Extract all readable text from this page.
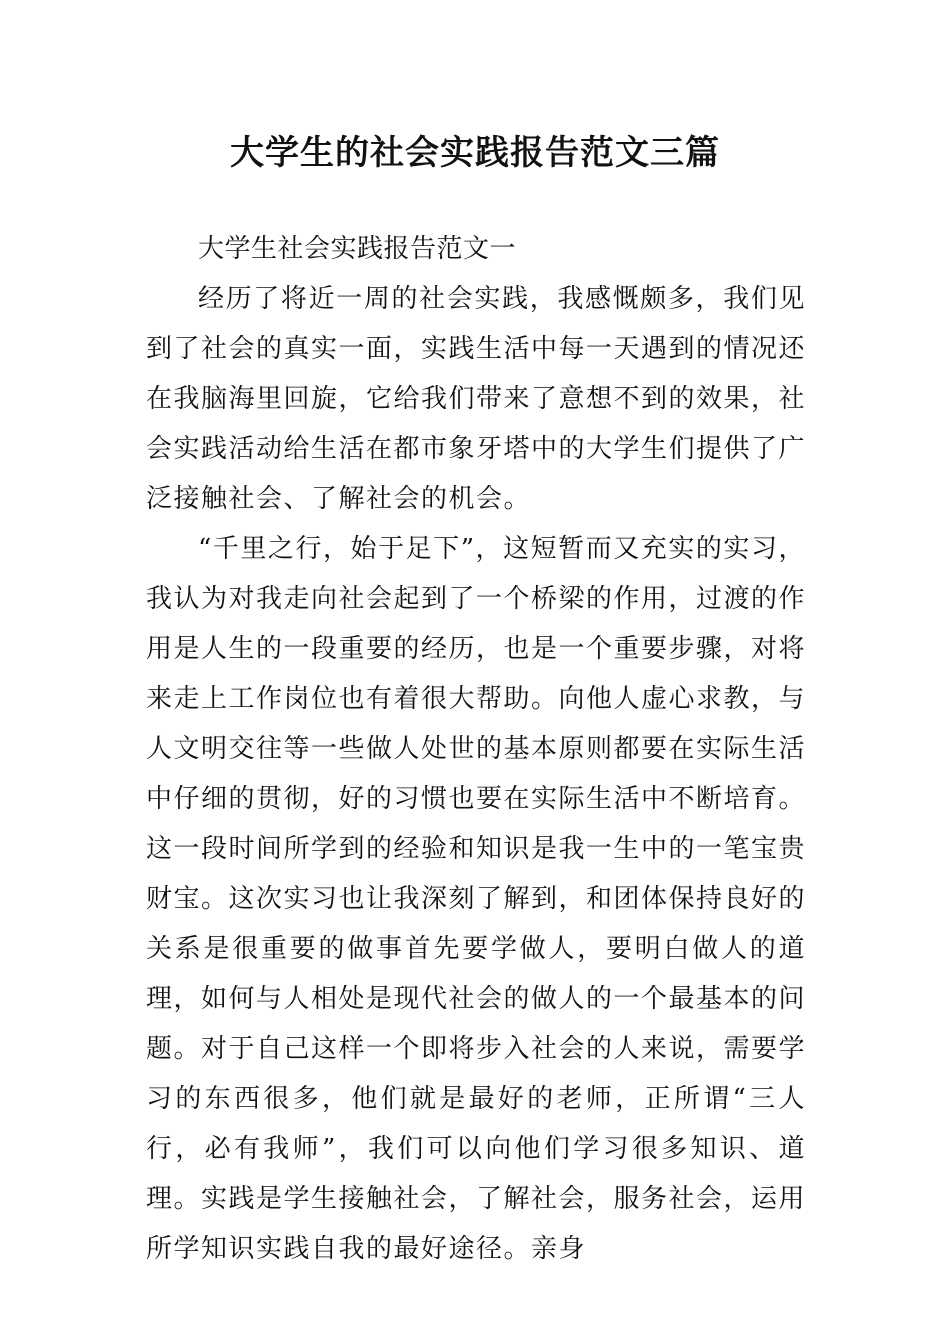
大学生的社会实践报告范文三篇

大学生社会实践报告范文一

经历了将近一周的社会实践，我感慨颇多，我们见到了社会的真实一面，实践生活中每一天遇到的情况还在我脑海里回旋，它给我们带来了意想不到的效果，社会实践活动给生活在都市象牙塔中的大学生们提供了广泛接触社会、了解社会的机会。

“千里之行，始于足下”，这短暂而又充实的实习，我认为对我走向社会起到了一个桥梁的作用，过渡的作用是人生的一段重要的经历，也是一个重要步骤，对将来走上工作岗位也有着很大帮助。向他人虚心求教，与人文明交往等一些做人处世的基本原则都要在实际生活中仔细的贯彻，好的习惯也要在实际生活中不断培育。这一段时间所学到的经验和知识是我一生中的一笔宝贵财宝。这次实习也让我深刻了解到，和团体保持良好的关系是很重要的做事首先要学做人，要明白做人的道理，如何与人相处是现代社会的做人的一个最基本的问题。对于自己这样一个即将步入社会的人来说，需要学习的东西很多，他们就是最好的老师，正所谓“三人行，必有我师”，我们可以向他们学习很多知识、道理。实践是学生接触社会，了解社会，服务社会，运用所学知识实践自我的最好途径。亲身
